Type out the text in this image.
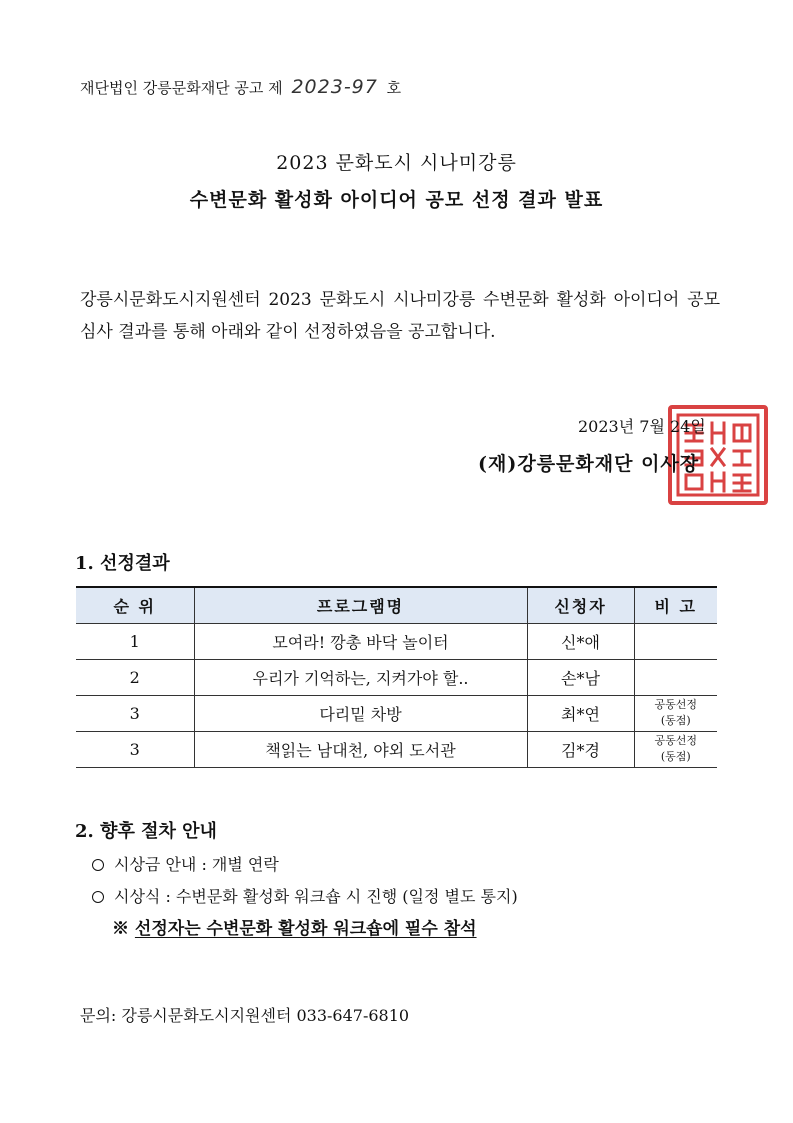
재단법인 강릉문화재단 공고 제 2023-97 호
2023 문화도시 시나미강릉
수변문화 활성화 아이디어 공모 선정 결과 발표
강릉시문화도시지원센터 2023 문화도시 시나미강릉 수변문화 활성화 아이디어 공모 심사 결과를 통해 아래와 같이 선정하였음을 공고합니다.
2023년 7월 24일
(재)강릉문화재단 이사장
1. 선정결과
순 위	프로그램명	신청자	비 고
1	모여라! 깡총 바닥 놀이터	신*애	
2	우리가 기억하는, 지켜가야 할..	손*남	
3	다리밑 차방	최*연	공동선정
(동점)

3	책읽는 남대천, 야외 도서관	김*경	공동선정
(동점)
2. 향후 절차 안내
시상금 안내 : 개별 연락
시상식 : 수변문화 활성화 워크숍 시 진행 (일정 별도 통지)
※ 선정자는 수변문화 활성화 워크숍에 필수 참석
문의: 강릉시문화도시지원센터 033-647-6810
